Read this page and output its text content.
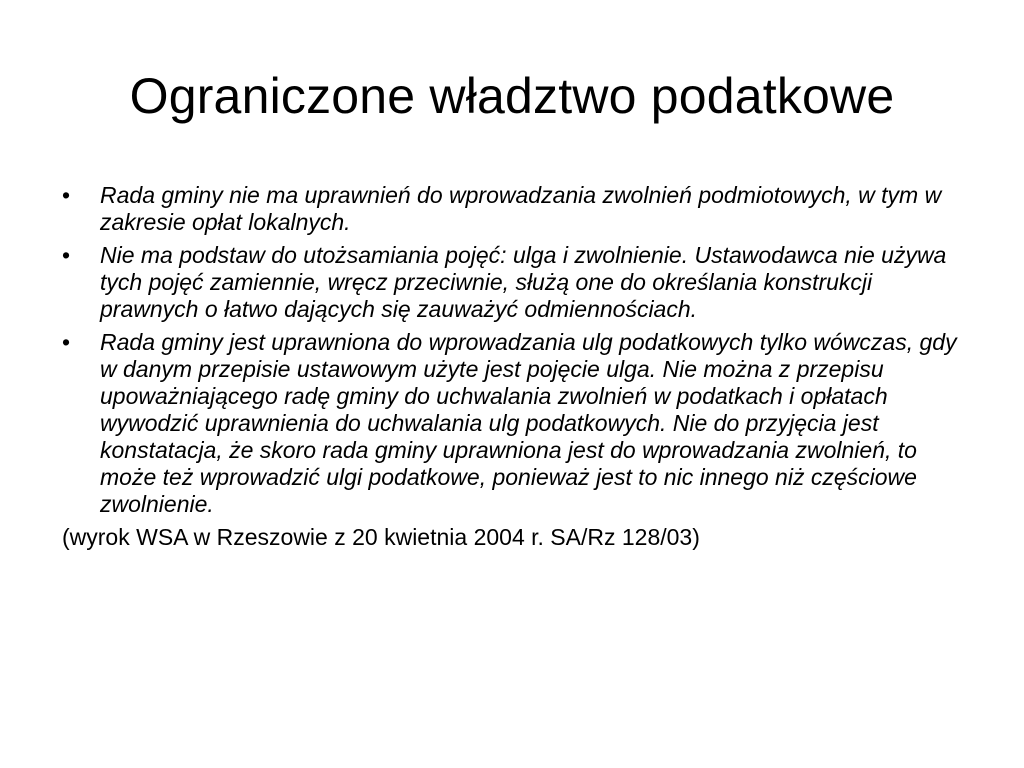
Ograniczone władztwo podatkowe
• Rada gminy nie ma uprawnień do wprowadzania zwolnień podmiotowych, w tym w zakresie opłat lokalnych.
• Nie ma podstaw do utożsamiania pojęć: ulga i zwolnienie. Ustawodawca nie używa tych pojęć zamiennie, wręcz przeciwnie, służą one do określania konstrukcji prawnych o łatwo dających się zauważyć odmiennościach.
• Rada gminy jest uprawniona do wprowadzania ulg podatkowych tylko wówczas, gdy w danym przepisie ustawowym użyte jest pojęcie ulga. Nie można z przepisu upoważniającego radę gminy do uchwalania zwolnień w podatkach i opłatach wywodzić uprawnienia do uchwalania ulg podatkowych. Nie do przyjęcia jest konstatacja, że skoro rada gminy uprawniona jest do wprowadzania zwolnień, to może też wprowadzić ulgi podatkowe, ponieważ jest to nic innego niż częściowe zwolnienie.

(wyrok WSA w Rzeszowie z 20 kwietnia 2004 r. SA/Rz 128/03)
